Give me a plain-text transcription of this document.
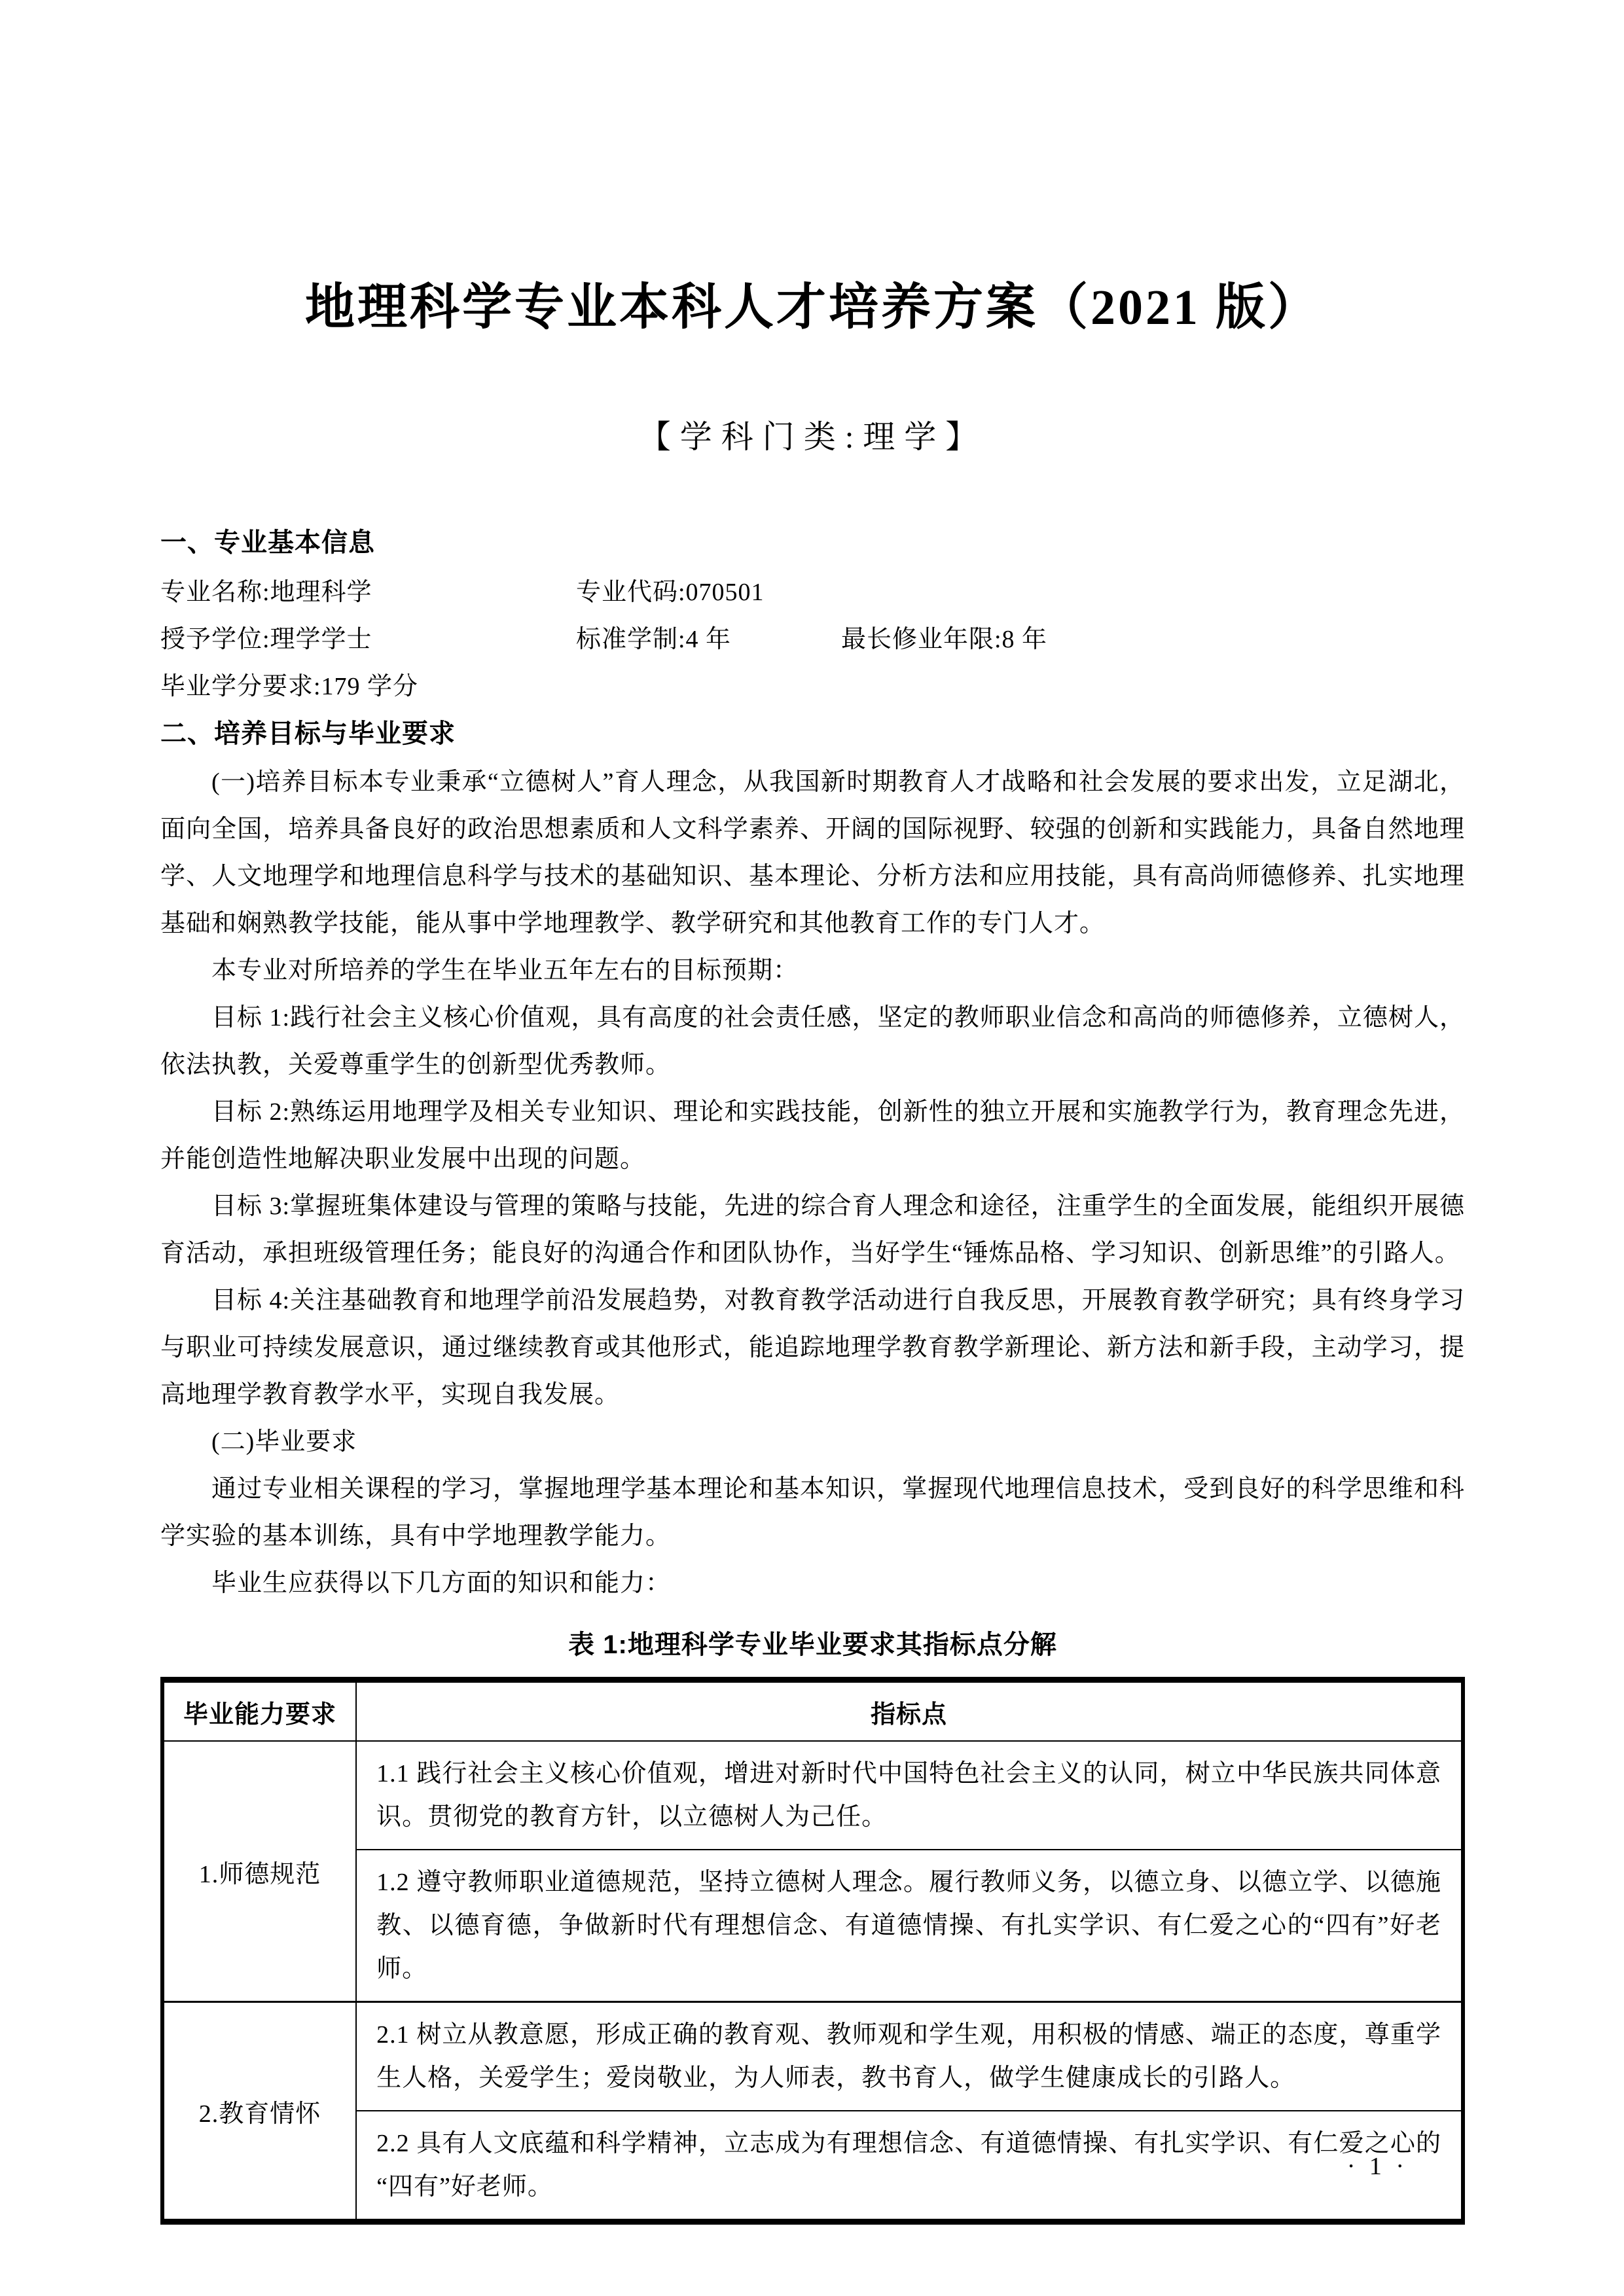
地理科学专业本科人才培养方案（2021 版）
【学科门类:理学】
一、专业基本信息
专业名称:地理科学	专业代码:070501
授予学位:理学学士	标准学制:4 年	最长修业年限:8 年
毕业学分要求:179 学分
二、培养目标与毕业要求

(一)培养目标本专业秉承“立德树人”育人理念，从我国新时期教育人才战略和社会发展的要求出发，立足湖北，面向全国，培养具备良好的政治思想素质和人文科学素养、开阔的国际视野、较强的创新和实践能力，具备自然地理学、人文地理学和地理信息科学与技术的基础知识、基本理论、分析方法和应用技能，具有高尚师德修养、扎实地理基础和娴熟教学技能，能从事中学地理教学、教学研究和其他教育工作的专门人才。

本专业对所培养的学生在毕业五年左右的目标预期：

目标 1:践行社会主义核心价值观，具有高度的社会责任感，坚定的教师职业信念和高尚的师德修养，立德树人，依法执教，关爱尊重学生的创新型优秀教师。

目标 2:熟练运用地理学及相关专业知识、理论和实践技能，创新性的独立开展和实施教学行为，教育理念先进，并能创造性地解决职业发展中出现的问题。

目标 3:掌握班集体建设与管理的策略与技能，先进的综合育人理念和途径，注重学生的全面发展，能组织开展德育活动，承担班级管理任务；能良好的沟通合作和团队协作，当好学生“锤炼品格、学习知识、创新思维”的引路人。

目标 4:关注基础教育和地理学前沿发展趋势，对教育教学活动进行自我反思，开展教育教学研究；具有终身学习与职业可持续发展意识，通过继续教育或其他形式，能追踪地理学教育教学新理论、新方法和新手段，主动学习，提高地理学教育教学水平，实现自我发展。

(二)毕业要求

通过专业相关课程的学习，掌握地理学基本理论和基本知识，掌握现代地理信息技术，受到良好的科学思维和科学实验的基本训练，具有中学地理教学能力。

毕业生应获得以下几方面的知识和能力：

表 1:地理科学专业毕业要求其指标点分解
毕业能力要求	指标点
1.师德规范	1.1 践行社会主义核心价值观，增进对新时代中国特色社会主义的认同，树立中华民族共同体意识。贯彻党的教育方针，以立德树人为己任。
	1.2 遵守教师职业道德规范，坚持立德树人理念。履行教师义务，以德立身、以德立学、以德施教、以德育德，争做新时代有理想信念、有道德情操、有扎实学识、有仁爱之心的“四有”好老师。
2.教育情怀	2.1 树立从教意愿，形成正确的教育观、教师观和学生观，用积极的情感、端正的态度，尊重学生人格，关爱学生；爱岗敬业，为人师表，教书育人，做学生健康成长的引路人。
	2.2 具有人文底蕴和科学精神，立志成为有理想信念、有道德情操、有扎实学识、有仁爱之心的“四有”好老师。
· 1 ·
